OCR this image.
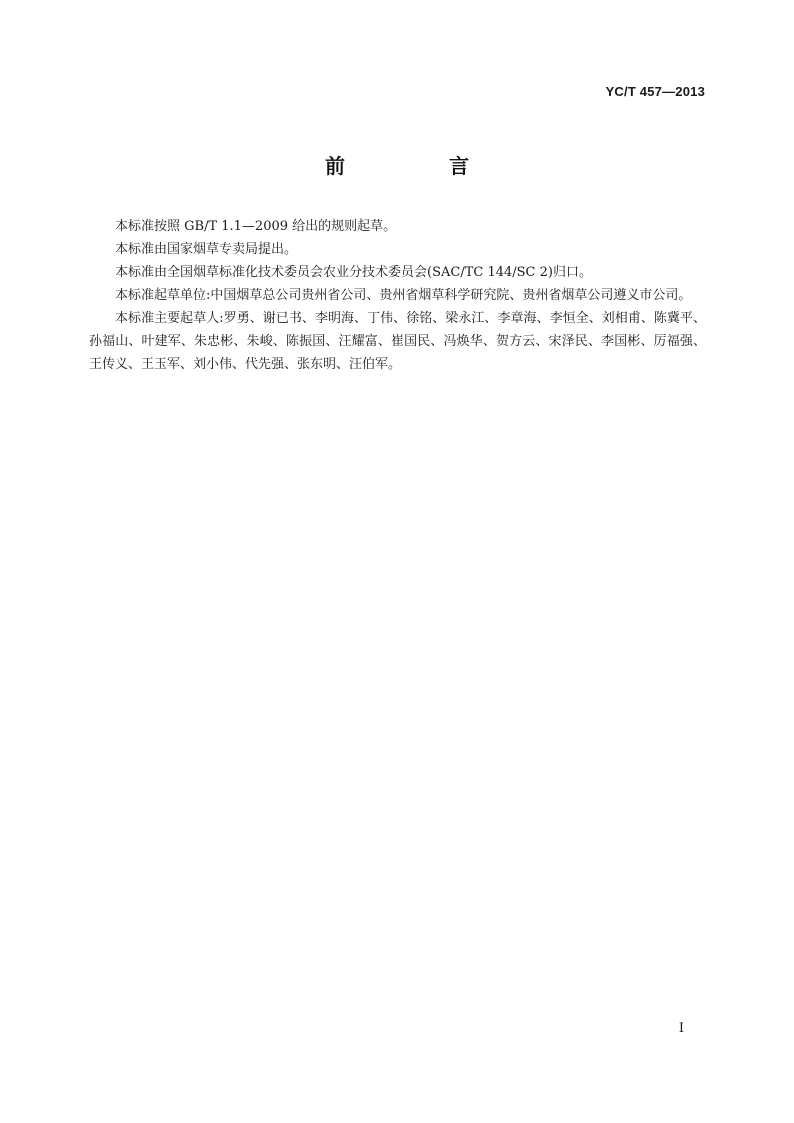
YC/T 457—2013
前　言

本标准按照 GB/T 1.1—2009 给出的规则起草。

本标准由国家烟草专卖局提出。

本标准由全国烟草标准化技术委员会农业分技术委员会(SAC/TC 144/SC 2)归口。

本标准起草单位:中国烟草总公司贵州省公司、贵州省烟草科学研究院、贵州省烟草公司遵义市公司。

本标准主要起草人:罗勇、谢已书、李明海、丁伟、徐铭、梁永江、李章海、李恒全、刘相甫、陈冀平、孙福山、叶建军、朱忠彬、朱峻、陈振国、汪耀富、崔国民、冯焕华、贺方云、宋泽民、李国彬、厉福强、王传义、王玉军、刘小伟、代先强、张东明、汪伯军。

I
